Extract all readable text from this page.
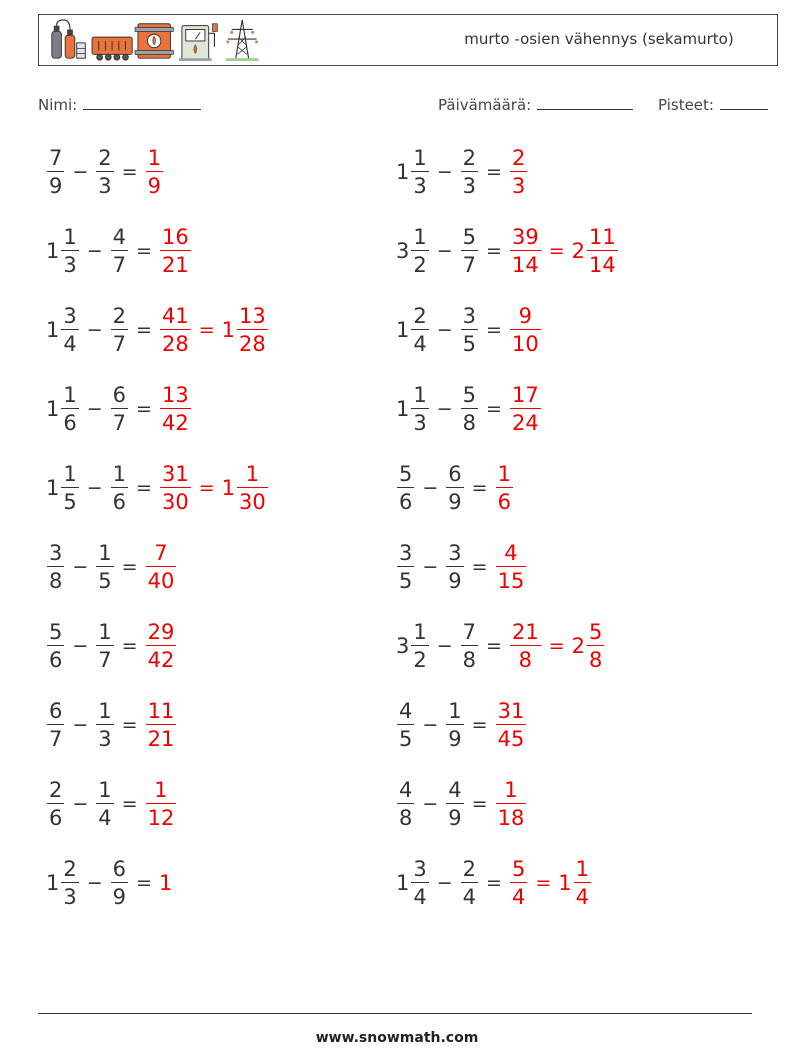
murto -osien vähennys (sekamurto)
Nimi:	Päivämäärä:	Pisteet:
$\frac{7}{9} - \frac{2}{3} = \frac{1}{9}$	$1 \frac{1}{3} - \frac{2}{3} = \frac{2}{3}$
$1 \frac{1}{3} - \frac{4}{7} = \frac{16}{21}$	$3 \frac{1}{2} - \frac{5}{7} = \frac{39}{14} = 2 \frac{11}{14}$
$1 \frac{3}{4} - \frac{2}{7} = \frac{41}{28} = 1 \frac{13}{28}$	$1 \frac{2}{4} - \frac{3}{5} = \frac{9}{10}$
$1 \frac{1}{6} - \frac{6}{7} = \frac{13}{42}$	$1 \frac{1}{3} - \frac{5}{8} = \frac{17}{24}$
$1 \frac{1}{5} - \frac{1}{6} = \frac{31}{30} = 1 \frac{1}{30}$	$\frac{5}{6} - \frac{6}{9} = \frac{1}{6}$
$\frac{3}{8} - \frac{1}{5} = \frac{7}{40}$	$\frac{3}{5} - \frac{3}{9} = \frac{4}{15}$
$\frac{5}{6} - \frac{1}{7} = \frac{29}{42}$	$3 \frac{1}{2} - \frac{7}{8} = \frac{21}{8} = 2 \frac{5}{8}$
$\frac{6}{7} - \frac{1}{3} = \frac{11}{21}$	$\frac{4}{5} - \frac{1}{9} = \frac{31}{45}$
$\frac{2}{6} - \frac{1}{4} = \frac{1}{12}$	$\frac{4}{8} - \frac{4}{9} = \frac{1}{18}$
$1 \frac{2}{3} - \frac{6}{9} = 1$	$1 \frac{3}{4} - \frac{2}{4} = \frac{5}{4} = 1 \frac{1}{4}$
www.snowmath.com
